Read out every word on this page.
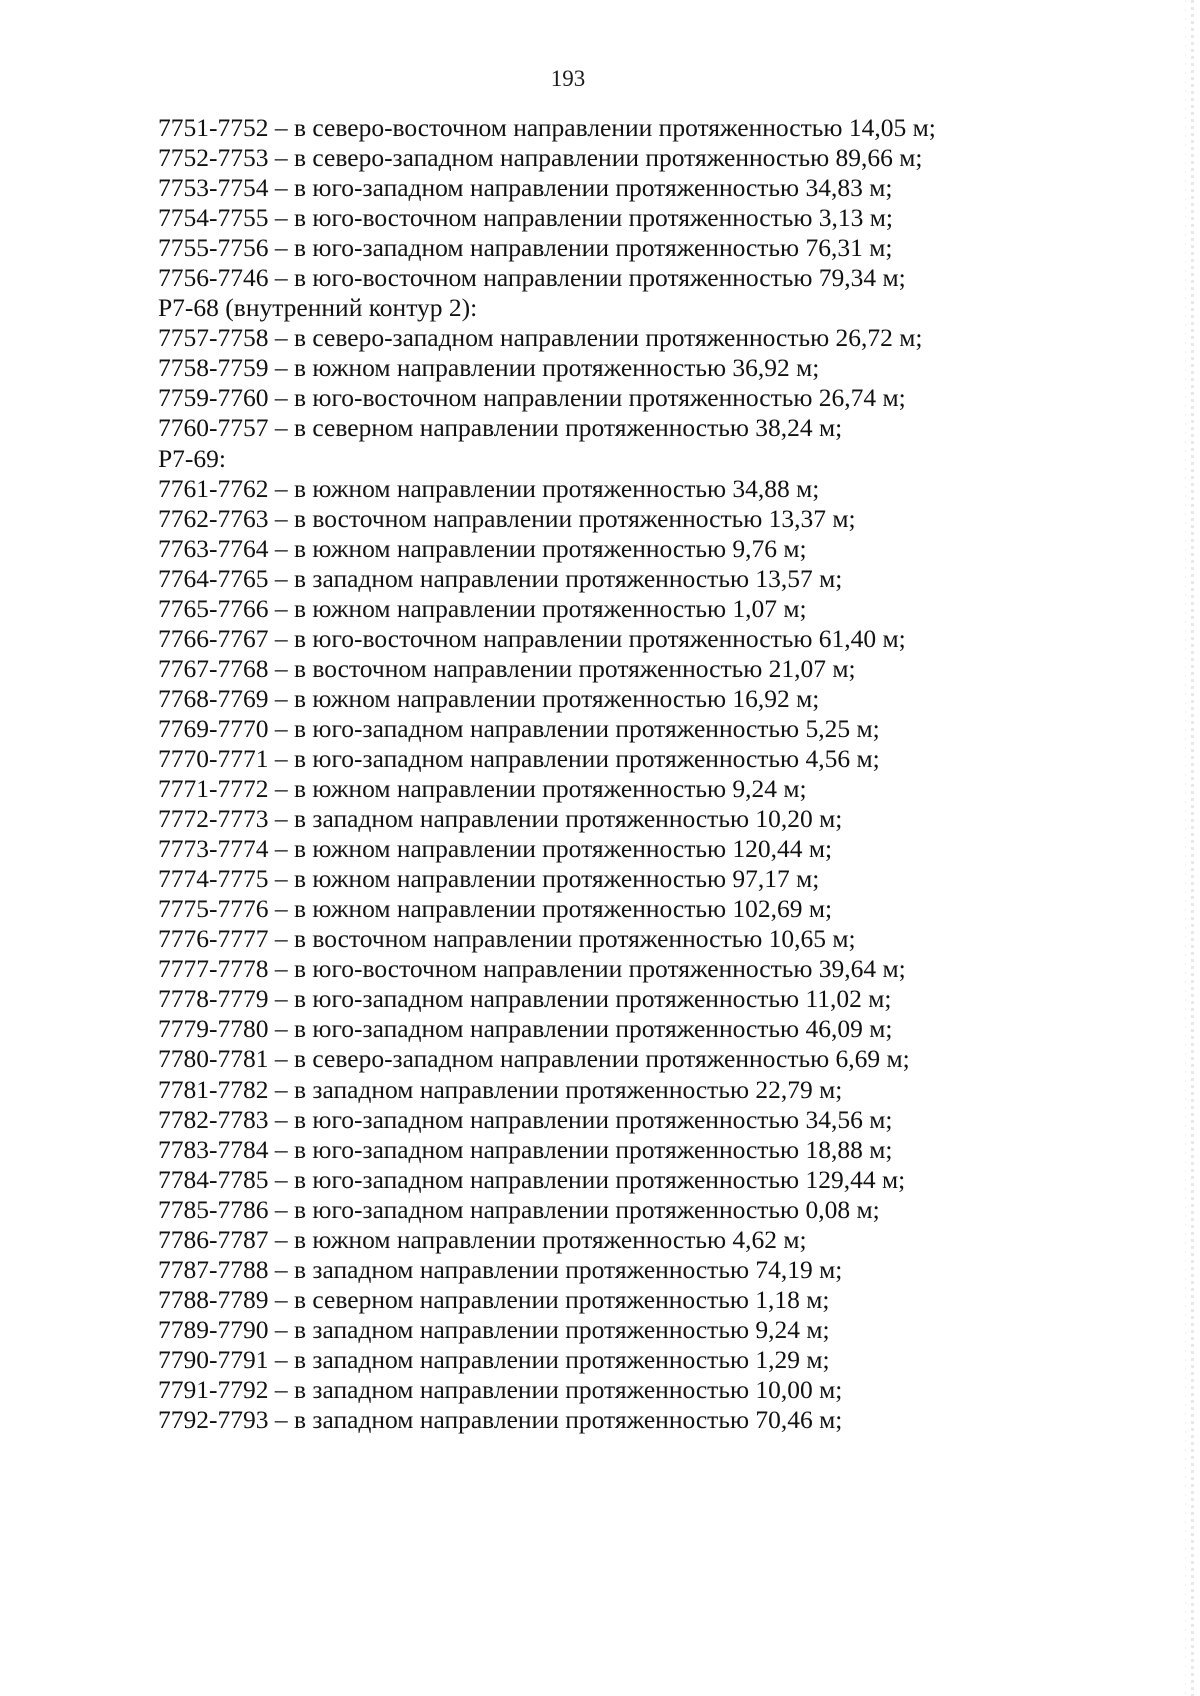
193
7751-7752 – в северо-восточном направлении протяженностью 14,05 м;
7752-7753 – в северо-западном направлении протяженностью 89,66 м;
7753-7754 – в юго-западном направлении протяженностью 34,83 м;
7754-7755 – в юго-восточном направлении протяженностью 3,13 м;
7755-7756 – в юго-западном направлении протяженностью 76,31 м;
7756-7746 – в юго-восточном направлении протяженностью 79,34 м;
Р7-68 (внутренний контур 2):
7757-7758 – в северо-западном направлении протяженностью 26,72 м;
7758-7759 – в южном направлении протяженностью 36,92 м;
7759-7760 – в юго-восточном направлении протяженностью 26,74 м;
7760-7757 – в северном направлении протяженностью 38,24 м;
Р7-69:
7761-7762 – в южном направлении протяженностью 34,88 м;
7762-7763 – в восточном направлении протяженностью 13,37 м;
7763-7764 – в южном направлении протяженностью 9,76 м;
7764-7765 – в западном направлении протяженностью 13,57 м;
7765-7766 – в южном направлении протяженностью 1,07 м;
7766-7767 – в юго-восточном направлении протяженностью 61,40 м;
7767-7768 – в восточном направлении протяженностью 21,07 м;
7768-7769 – в южном направлении протяженностью 16,92 м;
7769-7770 – в юго-западном направлении протяженностью 5,25 м;
7770-7771 – в юго-западном направлении протяженностью 4,56 м;
7771-7772 – в южном направлении протяженностью 9,24 м;
7772-7773 – в западном направлении протяженностью 10,20 м;
7773-7774 – в южном направлении протяженностью 120,44 м;
7774-7775 – в южном направлении протяженностью 97,17 м;
7775-7776 – в южном направлении протяженностью 102,69 м;
7776-7777 – в восточном направлении протяженностью 10,65 м;
7777-7778 – в юго-восточном направлении протяженностью 39,64 м;
7778-7779 – в юго-западном направлении протяженностью 11,02 м;
7779-7780 – в юго-западном направлении протяженностью 46,09 м;
7780-7781 – в северо-западном направлении протяженностью 6,69 м;
7781-7782 – в западном направлении протяженностью 22,79 м;
7782-7783 – в юго-западном направлении протяженностью 34,56 м;
7783-7784 – в юго-западном направлении протяженностью 18,88 м;
7784-7785 – в юго-западном направлении протяженностью 129,44 м;
7785-7786 – в юго-западном направлении протяженностью 0,08 м;
7786-7787 – в южном направлении протяженностью 4,62 м;
7787-7788 – в западном направлении протяженностью 74,19 м;
7788-7789 – в северном направлении протяженностью 1,18 м;
7789-7790 – в западном направлении протяженностью 9,24 м;
7790-7791 – в западном направлении протяженностью 1,29 м;
7791-7792 – в западном направлении протяженностью 10,00 м;
7792-7793 – в западном направлении протяженностью 70,46 м;
